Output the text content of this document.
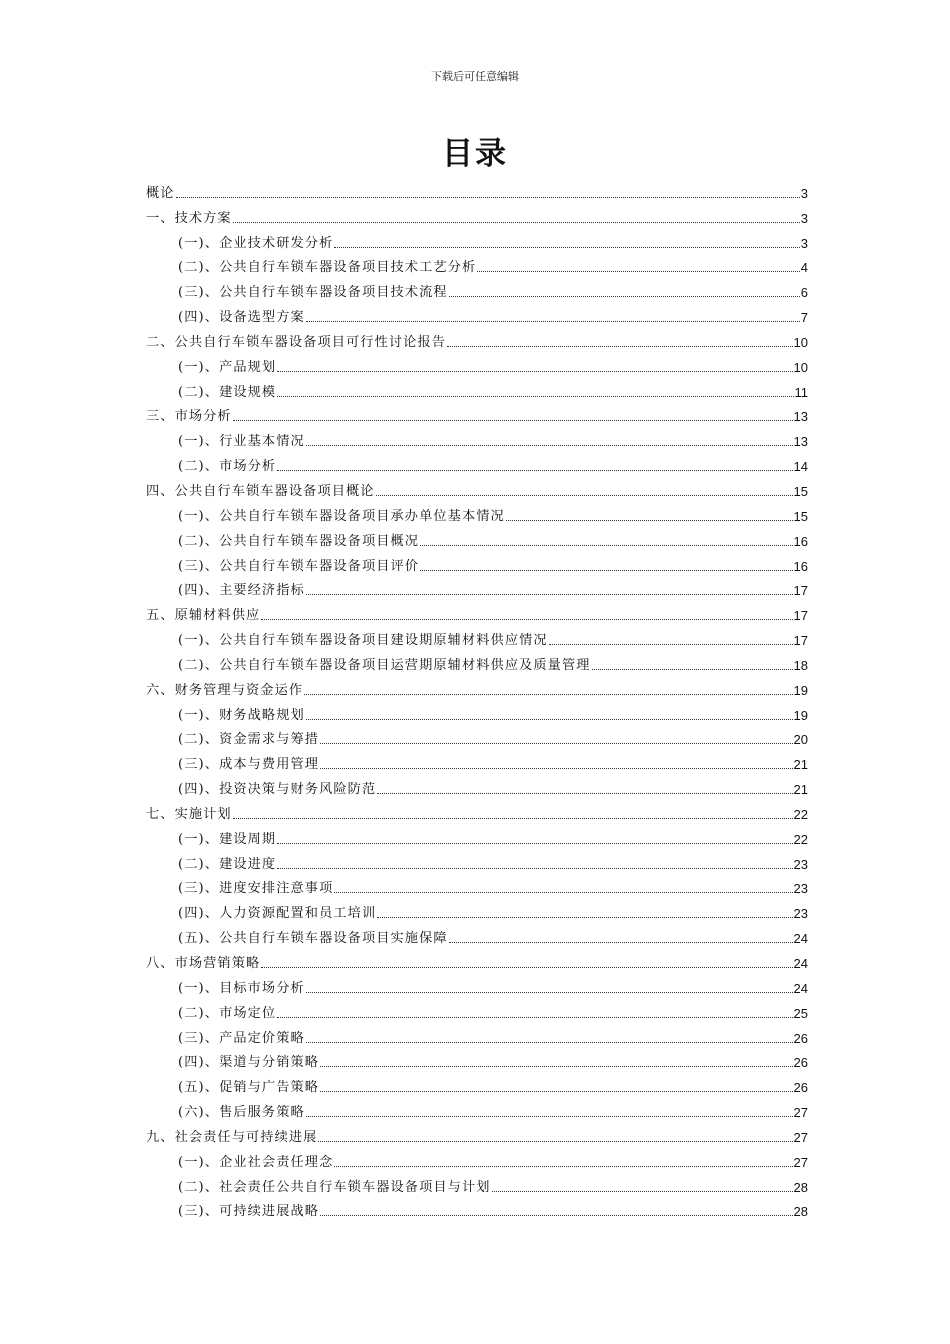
下载后可任意编辑
目录
概论	3
一、技术方案	3
(一)、企业技术研发分析	3
(二)、公共自行车锁车器设备项目技术工艺分析	4
(三)、公共自行车锁车器设备项目技术流程	6
(四)、设备选型方案	7
二、公共自行车锁车器设备项目可行性讨论报告	10
(一)、产品规划	10
(二)、建设规模	11
三、市场分析	13
(一)、行业基本情况	13
(二)、市场分析	14
四、公共自行车锁车器设备项目概论	15
(一)、公共自行车锁车器设备项目承办单位基本情况	15
(二)、公共自行车锁车器设备项目概况	16
(三)、公共自行车锁车器设备项目评价	16
(四)、主要经济指标	17
五、原辅材料供应	17
(一)、公共自行车锁车器设备项目建设期原辅材料供应情况	17
(二)、公共自行车锁车器设备项目运营期原辅材料供应及质量管理	18
六、财务管理与资金运作	19
(一)、财务战略规划	19
(二)、资金需求与筹措	20
(三)、成本与费用管理	21
(四)、投资决策与财务风险防范	21
七、实施计划	22
(一)、建设周期	22
(二)、建设进度	23
(三)、进度安排注意事项	23
(四)、人力资源配置和员工培训	23
(五)、公共自行车锁车器设备项目实施保障	24
八、市场营销策略	24
(一)、目标市场分析	24
(二)、市场定位	25
(三)、产品定价策略	26
(四)、渠道与分销策略	26
(五)、促销与广告策略	26
(六)、售后服务策略	27
九、社会责任与可持续进展	27
(一)、企业社会责任理念	27
(二)、社会责任公共自行车锁车器设备项目与计划	28
(三)、可持续进展战略	28
